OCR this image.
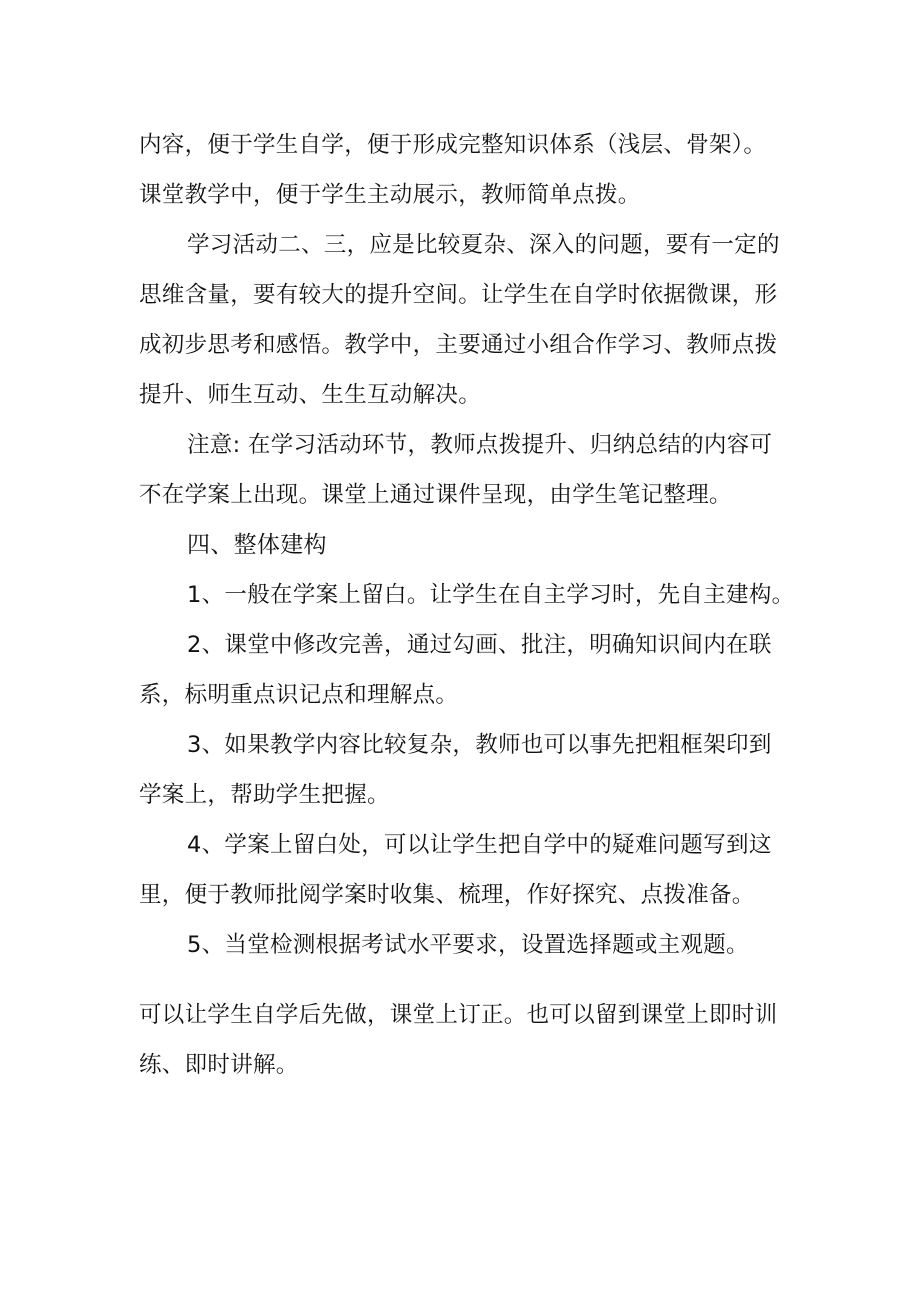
内容，便于学生自学，便于形成完整知识体系（浅层、骨架）。
课堂教学中，便于学生主动展示，教师简单点拨。
学习活动二、三，应是比较夏杂、深入的问题，要有一定的
思维含量，要有较大的提升空间。让学生在自学时依据微课，形
成初步思考和感悟。教学中，主要通过小组合作学习、教师点拨
提升、师生互动、生生互动解决。
注意: 在学习活动环节，教师点拨提升、归纳总结的内容可
不在学案上出现。课堂上通过课件呈现，由学生笔记整理。
四、整体建构
1、一般在学案上留白。让学生在自主学习时，先自主建构。
2、课堂中修改完善，通过勾画、批注，明确知识间内在联
系，标明重点识记点和理解点。
3、如果教学内容比较复杂，教师也可以事先把粗框架印到
学案上，帮助学生把握。
4、学案上留白处，可以让学生把自学中的疑难问题写到这
里，便于教师批阅学案时收集、梳理，作好探究、点拨准备。
5、当堂检测根据考试水平要求，设置选择题或主观题。
可以让学生自学后先做，课堂上订正。也可以留到课堂上即时训
练、即时讲解。
